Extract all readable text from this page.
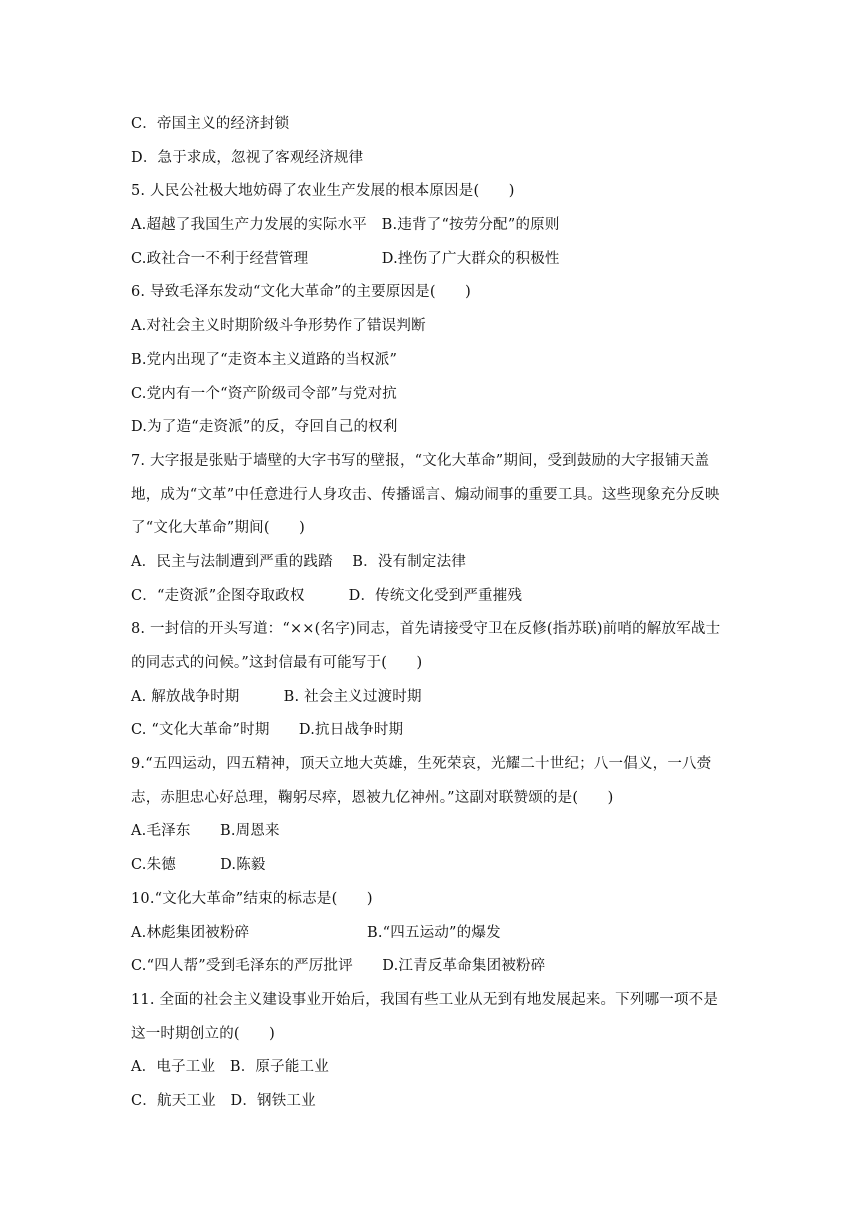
C．帝国主义的经济封锁
D．急于求成，忽视了客观经济规律
5. 人民公社极大地妨碍了农业生产发展的根本原因是(　　)
A.超越了我国生产力发展的实际水平　B.违背了“按劳分配”的原则
C.政社合一不利于经营管理　　　　　D.挫伤了广大群众的积极性
6. 导致毛泽东发动“文化大革命”的主要原因是(　　)
A.对社会主义时期阶级斗争形势作了错误判断
B.党内出现了“走资本主义道路的当权派”
C.党内有一个“资产阶级司令部”与党对抗
D.为了造“走资派”的反，夺回自己的权利
7. 大字报是张贴于墙壁的大字书写的壁报，“文化大革命”期间，受到鼓励的大字报铺天盖
地，成为“文革”中任意进行人身攻击、传播谣言、煽动闹事的重要工具。这些现象充分反映
了“文化大革命”期间(　　)
A．民主与法制遭到严重的践踏　 B．没有制定法律
C．“走资派”企图夺取政权　　　D．传统文化受到严重摧残
8. 一封信的开头写道：“××(名字)同志，首先请接受守卫在反修(指苏联)前哨的解放军战士
的同志式的问候。”这封信最有可能写于(　　)
A. 解放战争时期　　　B. 社会主义过渡时期
C. “文化大革命”时期　　D.抗日战争时期
9.“五四运动，四五精神，顶天立地大英雄，生死荣哀，光耀二十世纪；八一倡义，一八赍
志，赤胆忠心好总理，鞠躬尽瘁，恩被九亿神州。”这副对联赞颂的是(　　)
A.毛泽东　　B.周恩来
C.朱德　　　D.陈毅
10.“文化大革命”结束的标志是(　　)
A.林彪集团被粉碎　　　　　　　　B.“四五运动”的爆发
C.“四人帮”受到毛泽东的严厉批评　　D.江青反革命集团被粉碎
11. 全面的社会主义建设事业开始后，我国有些工业从无到有地发展起来。下列哪一项不是
这一时期创立的(　　)
A．电子工业　B．原子能工业
C．航天工业　D．钢铁工业
